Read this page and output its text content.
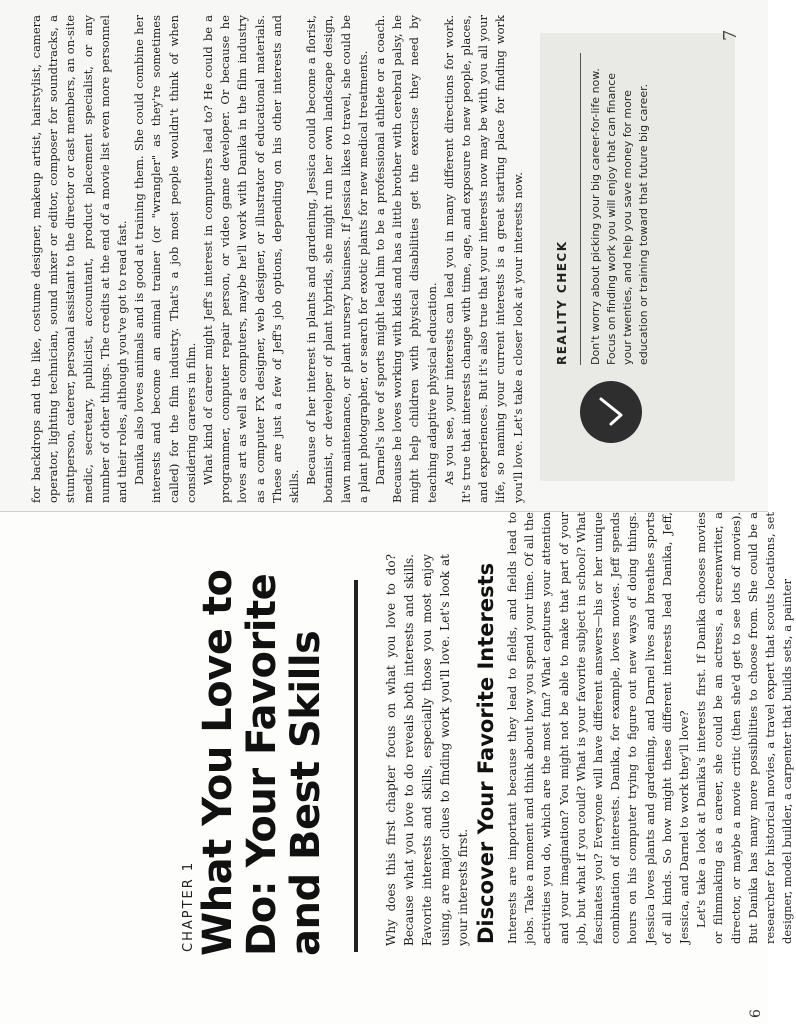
CHAPTER 1 What You Love to Do: Your Favorite and Best Skills	Why does this first chapter focus on what you love to do? Because what you love to do reveals both interests and skills. Favorite interests and skills, especially those you most enjoy using, are major clues to finding work you'll love. Let's look at your interests first. Discover Your Favorite Interests Interests are important because they lead to fields, and fields lead to jobs. Take a moment and think about how you spend your time. Of all the activities you do, which are the most fun? What captures your attention and your imagination? You might not be able to make that part of your job, but what if you could? What is your favorite subject in school? What fascinates you? Everyone will have different answers—his or her unique combination of interests. Danika, for example, loves movies. Jeff spends hours on his computer trying to figure out new ways of doing things. Jessica loves plants and gardening, and Darnel lives and breathes sports of all kinds. So how might these different interests lead Danika, Jeff, Jessica, and Darnel to work they'll love? Let's take a look at Danika's interests first. If Danika chooses movies or filmmaking as a career, she could be an actress, a screenwriter, a director, or maybe a movie critic (then she'd get to see lots of movies). But Danika has many more possibilities to choose from. She could be a researcher for historical movies, a travel expert that scouts locations, set designer, model builder, a carpenter that builds sets, a painter

6

for backdrops and the like, costume designer, makeup artist, hairstylist, camera operator, lighting technician, sound mixer or editor, composer for soundtracks, a stuntperson, caterer, personal assistant to the director or cast members, an on-site medic, secretary, publicist, accountant, product placement specialist, or any number of other things. The credits at the end of a movie list even more personnel and their roles, although you've got to read fast. Danika also loves animals and is good at training them. She could combine her interests and become an animal trainer (or "wrangler" as they're sometimes called) for the film industry. That's a job most people wouldn't think of when considering careers in film. What kind of career might Jeff's interest in computers lead to? He could be a programmer, computer repair person, or video game developer. Or because he loves art as well as computers, maybe he'll work with Danika in the film industry as a computer FX designer, web designer, or illustrator of educational materials. These are just a few of Jeff's job options, depending on his other interests and skills.

Because of her interest in plants and gardening, Jessica could become a florist, botanist, or developer of plant hybrids, she might run her own landscape design, lawn maintenance, or plant nursery business. If Jessica likes to travel, she could be a plant photographer, or search for exotic plants for new medical treatments. Darnel's love of sports might lead him to be a professional athlete or a coach. Because he loves working with kids and has a little brother with cerebral palsy, he might help children with physical disabilities get the exercise they need by teaching adaptive physical education. As you see, your interests can lead you in many different directions for work. It's true that interests change with time, age, and exposure to new people, places, and experiences. But it's also true that your interests now may be with you all your life, so naming your current interests is a great starting place for finding work you'll love. Let's take a closer look at your interests now.	REALITY CHECK Don't worry about picking your big career-for-life now. Focus on finding work you will enjoy that can finance your twenties, and help you save money for more education or training toward that future big career.

7
